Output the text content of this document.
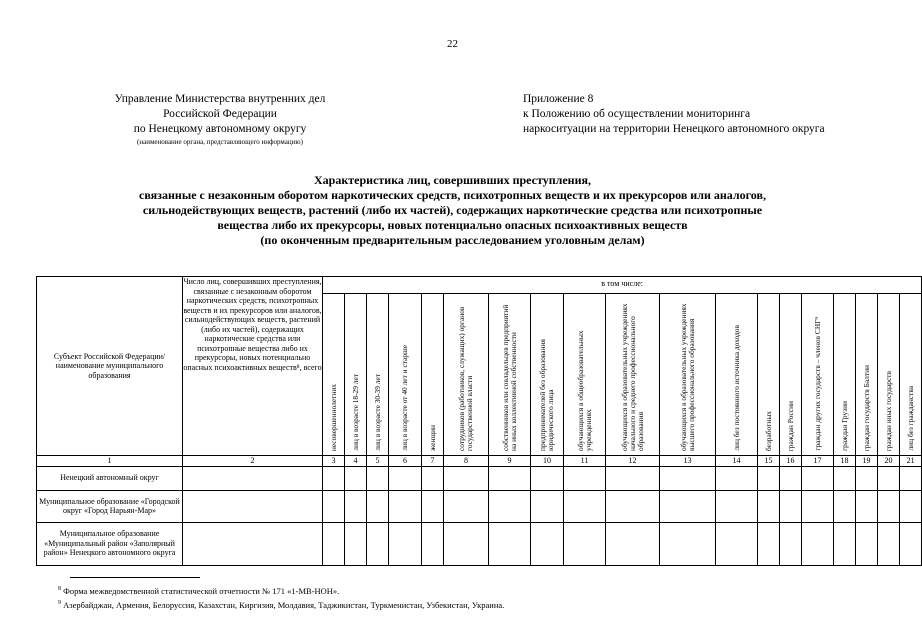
22
Управление Министерства внутренних дел
Российской Федерации
по Ненецкому автономному округу
(наименование органа, представляющего информацию)
Приложение 8
к Положению об осуществлении мониторинга
наркоситуации на территории Ненецкого автономного округа
Характеристика лиц, совершивших преступления,
связанные с незаконным оборотом наркотических средств, психотропных веществ и их прекурсоров или аналогов,
сильнодействующих веществ, растений (либо их частей), содержащих наркотические средства или психотропные
вещества либо их прекурсоры, новых потенциально опасных психоактивных веществ
(по оконченным предварительным расследованием уголовным делам)
Субъект Российской Федерации/ наименование муниципального образования	Число лиц, совершивших преступления, связанные с незаконным оборотом наркотических средств, психотропных веществ и их прекурсоров или аналогов, сильнодействующих веществ, растений (либо их частей), содержащих наркотические средства или психотропные вещества либо их прекурсоры, новых потенциально опасных психоактивных веществ⁸, всего	в том числе:																		

		несовершеннолетних	лиц в возрасте 18-29 лет	лиц в возрасте 30-39 лет	лиц в возрасте от 40 лет и старше	женщин	сотрудников (работников, служащих) органов государственной власти	собственников или совладельцев предприятий на иных коллективной собственности	предпринимателей без образования юридического лица	обучающихся в общеобразовательных учреждениях	обучающихся в образовательных учреждениях начального и среднего профессионального образования	обучающихся в образовательных учреждениях высшего профессионального образования	лиц без постоянного источника доходов	безработных	граждан России	граждан других государств – членов СНГ⁹	граждан Грузии	граждан государств Балтии	граждан иных государств	лиц без гражданства

1	2	3	4	5	6	7	8	9	10	11	12	13	14	15	16	17	18	19	20	21
Ненецкий автономный округ																				
Муниципальное образование «Городской округ «Город Нарьян-Мар»																				
Муниципальное образование «Муниципальный район «Заполярный район» Ненецкого автономного округа																				
$^8$ Форма межведомственной статистической отчетности № 171 «1-МВ-НОН».
$^9$ Азербайджан, Армения, Белоруссия, Казахстан, Киргизия, Молдавия, Таджикистан, Туркменистан, Узбекистан, Украина.
